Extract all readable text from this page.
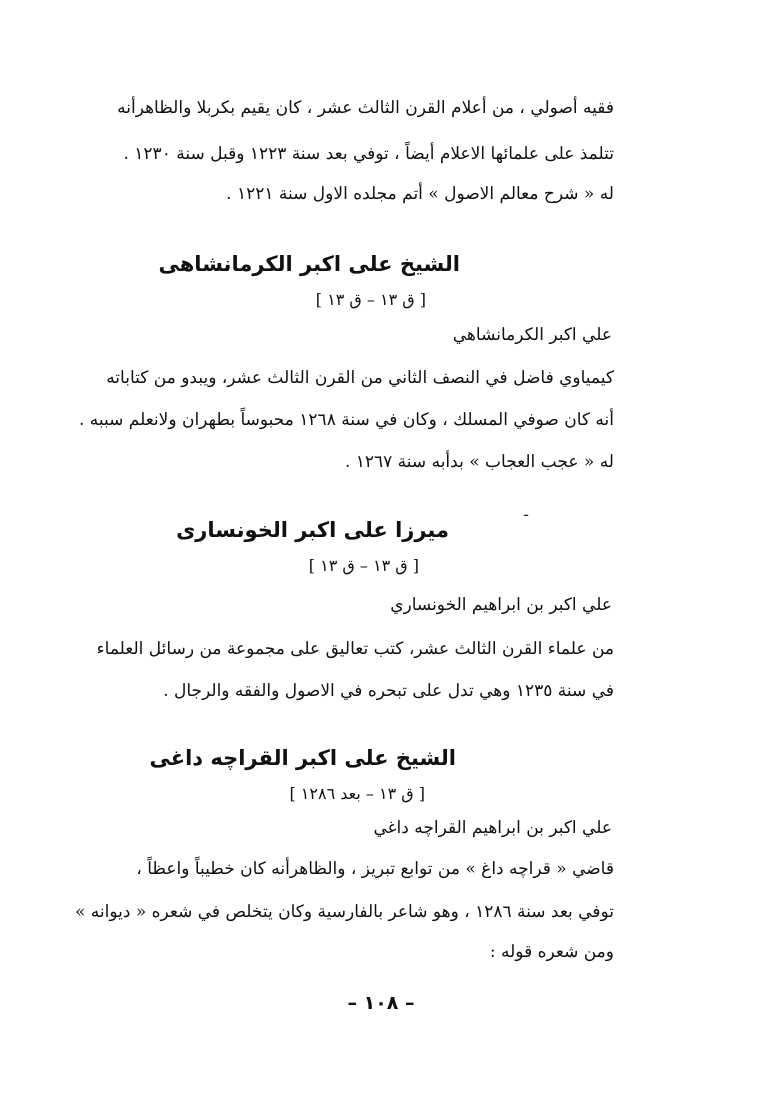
فقيه أصولي ، من أعلام القرن الثالث عشر ، كان يقيم بكربلا والظاهرأنه
تتلمذ على علمائها الاعلام أيضاً ، توفي بعد سنة ١٢٢٣ وقبل سنة ١٢٣٠ .
له « شرح معالم الاصول » أتم مجلده الاول سنة ١٢٢١ .
الشيخ على اكبر الكرمانشاهى
[ ق ١٣ – ق ١٣ ]
علي اكبر الكرمانشاهي
كيمياوي فاضل في النصف الثاني من القرن الثالث عشر، ويبدو من كتاباته
أنه كان صوفي المسلك ، وكان في سنة ١٢٦٨ محبوساً بطهران ولانعلم سببه .
له « عجب العجاب » بدأبه سنة ١٢٦٧ .
ـ
ميرزا على اكبر الخونسارى
[ ق ١٣ – ق ١٣ ]
علي اكبر بن ابراهيم الخونساري
من علماء القرن الثالث عشر، كتب تعاليق على مجموعة من رسائل العلماء
في سنة ١٢٣٥ وهي تدل على تبحره في الاصول والفقه والرجال .
الشيخ على اكبر القراچه داغى
[ ق ١٣ – بعد ١٢٨٦ ]
علي اكبر بن ابراهيم القراچه داغي
قاضي « قراچه داغ » من توابع تبريز ، والظاهرأنه كان خطيباً واعظاً ،
توفي بعد سنة ١٢٨٦ ، وهو شاعر بالفارسية وكان يتخلص في شعره « ديوانه »
ومن شعره قوله :
– ١٠٨ –
